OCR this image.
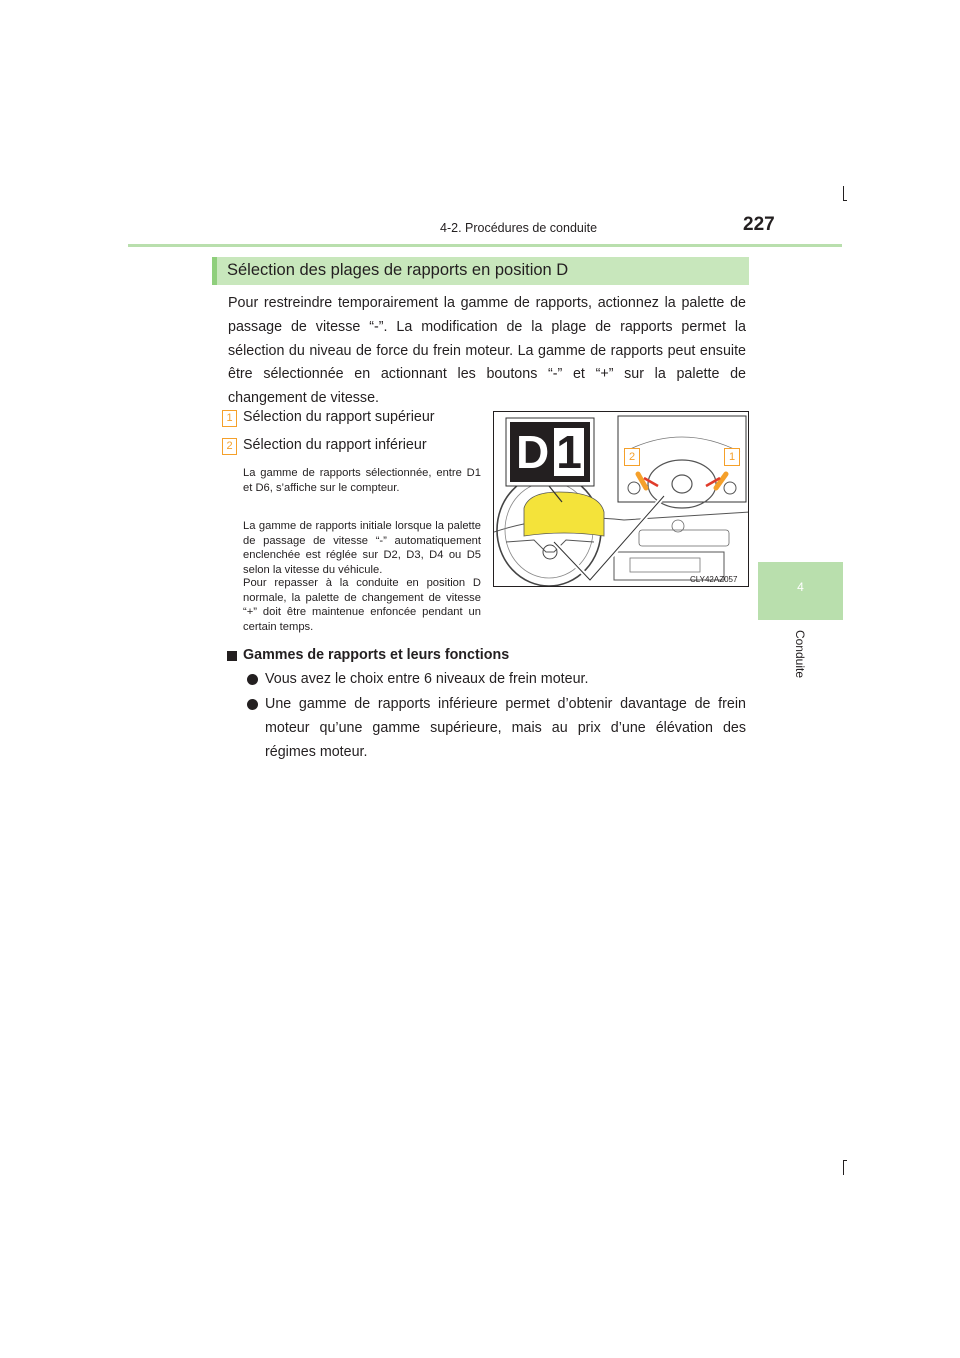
4-2. Procédures de conduite	227
4
Conduite
Sélection des plages de rapports en position D

Pour restreindre temporairement la gamme de rapports, actionnez la palette de passage de vitesse “-”. La modification de la plage de rapports permet la sélection du niveau de force du frein moteur. La gamme de rapports peut ensuite être sélectionnée en actionnant les boutons “-” et “+” sur la palette de changement de vitesse.

1 Sélection du rapport supérieur
2 Sélection du rapport inférieur

La gamme de rapports sélectionnée, entre D1 et D6, s’affiche sur le compteur.

La gamme de rapports initiale lorsque la palette de passage de vitesse “-” automatiquement enclenchée est réglée sur D2, D3, D4 ou D5 selon la vitesse du véhicule.

Pour repasser à la conduite en position D normale, la palette de changement de vitesse “+” doit être maintenue enfoncée pendant un certain temps.

D 1	2	1
CLY42AZ057
Gammes de rapports et leurs fonctions

Vous avez le choix entre 6 niveaux de frein moteur.

Une gamme de rapports inférieure permet d’obtenir davantage de frein moteur qu’une gamme supérieure, mais au prix d’une élévation des régimes moteur.
